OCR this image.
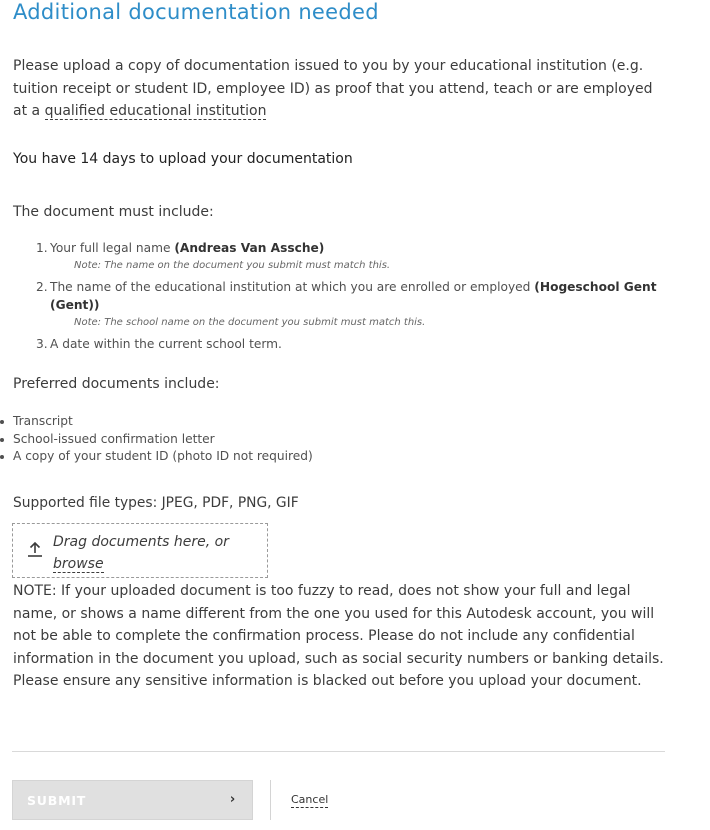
Additional documentation needed
Please upload a copy of documentation issued to you by your educational institution (e.g. tuition receipt or student ID, employee ID) as proof that you attend, teach or are employed at a qualified educational institution
You have 14 days to upload your documentation
The document must include:
1. Your full legal name (Andreas Van Assche)
Note: The name on the document you submit must match this.
2. The name of the educational institution at which you are enrolled or employed (Hogeschool Gent (Gent))
Note: The school name on the document you submit must match this.
3. A date within the current school term.
Preferred documents include:
Transcript
School-issued confirmation letter
A copy of your student ID (photo ID not required)
Supported file types: JPEG, PDF, PNG, GIF
Drag documents here, or
browse
NOTE: If your uploaded document is too fuzzy to read, does not show your full and legal name, or shows a name different from the one you used for this Autodesk account, you will not be able to complete the confirmation process. Please do not include any confidential information in the document you upload, such as social security numbers or banking details. Please ensure any sensitive information is blacked out before you upload your document.
SUBMIT	›	Cancel
